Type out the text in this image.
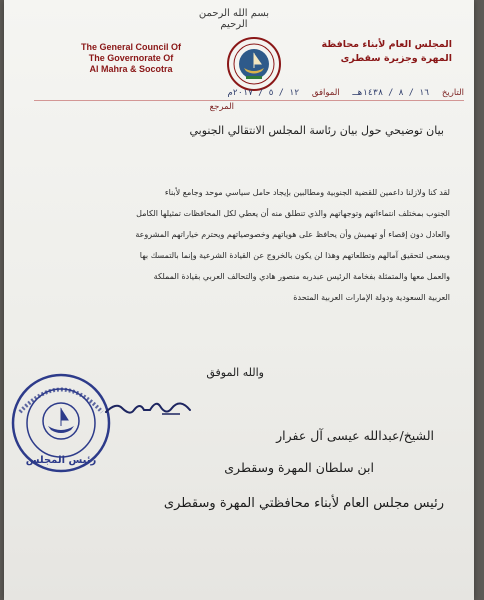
بسم الله الرحمن الرحيم
The General Council Of
The Governorate Of
Al Mahra & Socotra
المجلس العام لأبناء محافظة
المهرة وجزيرة سقطرى
التاريخ ١٦ / ٨ / ١٤٣٨هـ الموافق ١٢ / ٥ / ٢٠١٧م
المرجع
بيان توضيحي حول بيان رئاسة المجلس الانتقالي الجنوبي

لقد كنا ولازلنا داعمين للقضية الجنوبية ومطالبين بإيجاد حامل سياسي موحد وجامع لأبناء

الجنوب بمختلف انتماءاتهم وتوجهاتهم والذي تنطلق منه أن يعطي لكل المحافظات تمثيلها الكامل

والعادل دون إقصاء أو تهميش وأن يحافظ على هوياتهم وخصوصياتهم ويحترم خياراتهم المشروعة

ويسعى لتحقيق آمالهم وتطلعاتهم وهذا لن يكون بالخروج عن القيادة الشرعية وإنما بالتمسك بها

والعمل معها والمتمثلة بفخامة الرئيس عبدربه منصور هادي والتحالف العربي بقيادة المملكة

العربية السعودية ودولة الإمارات العربية المتحدة

والله الموفق
رئيس المجلس
الشيخ/عبدالله عيسى آل عفرار
ابن سلطان المهرة وسقطرى
رئيس مجلس العام لأبناء محافظتي المهرة وسقطرى
